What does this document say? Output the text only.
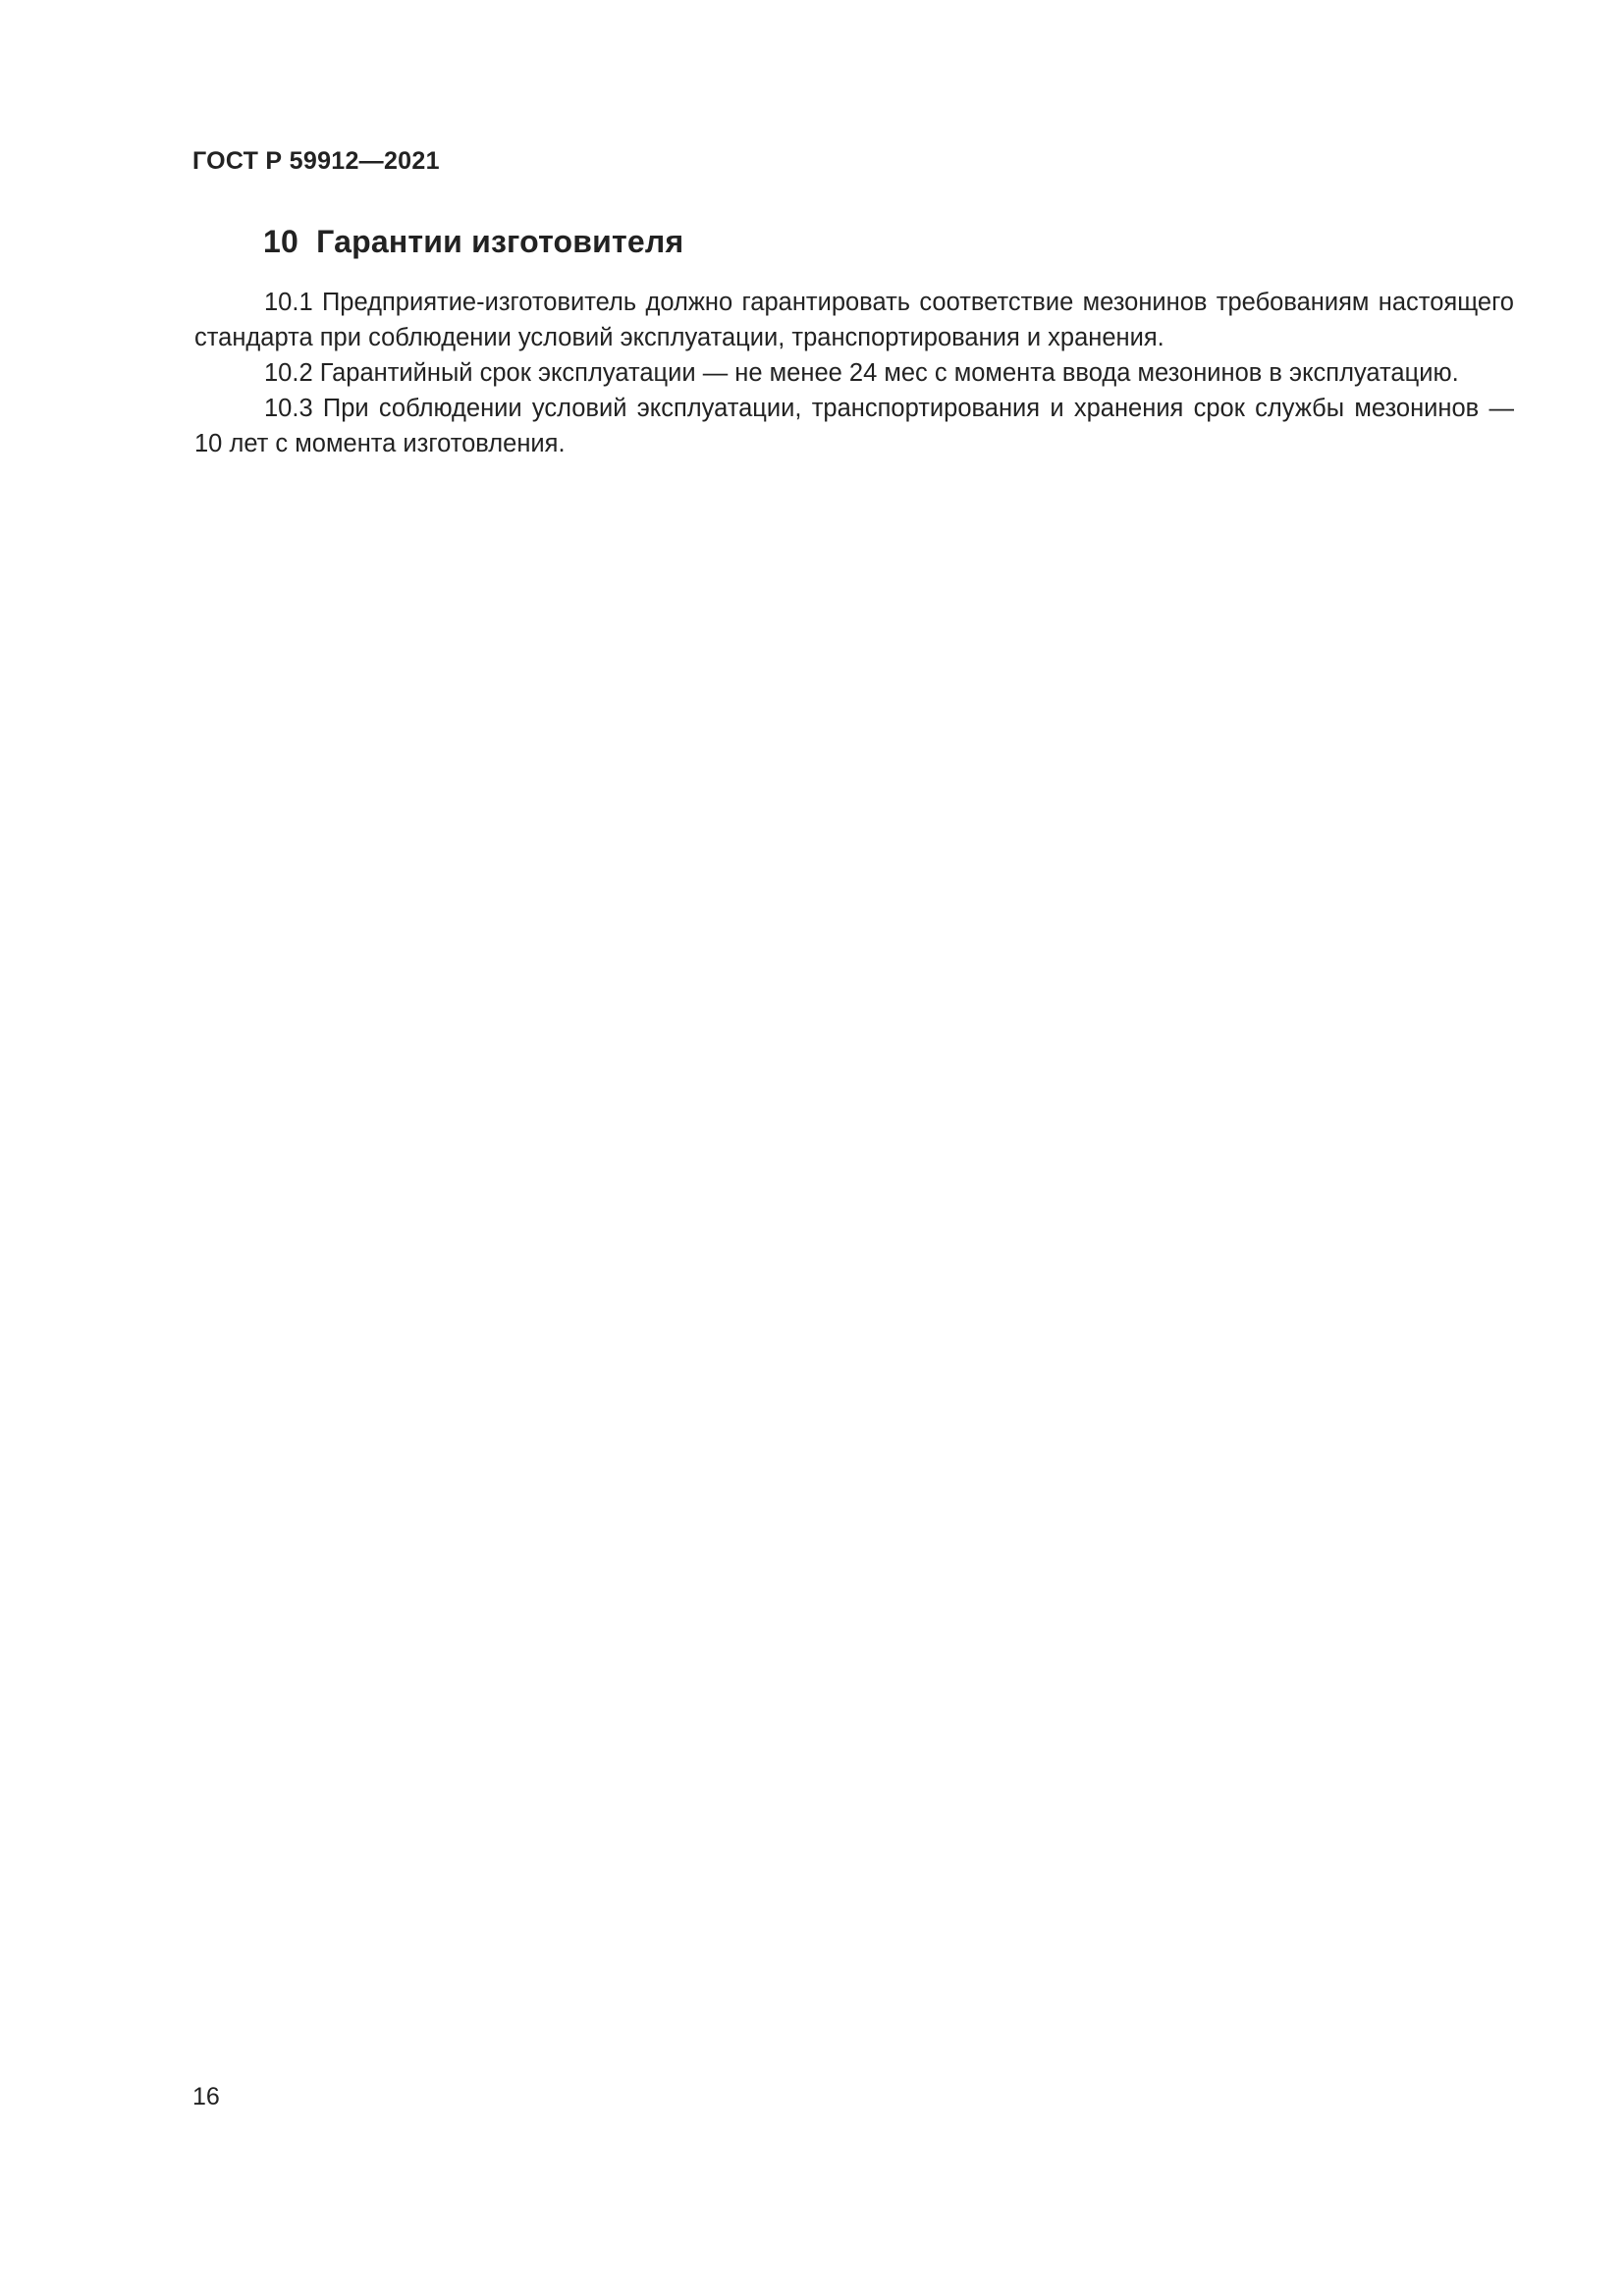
ГОСТ Р 59912—2021
10  Гарантии изготовителя

10.1 Предприятие-изготовитель должно гарантировать соответствие мезонинов требованиям настоящего стандарта при соблюдении условий эксплуатации, транспортирования и хранения.

10.2 Гарантийный срок эксплуатации — не менее 24 мес с момента ввода мезонинов в эксплуатацию.

10.3 При соблюдении условий эксплуатации, транспортирования и хранения срок службы мезонинов — 10 лет с момента изготовления.

16
